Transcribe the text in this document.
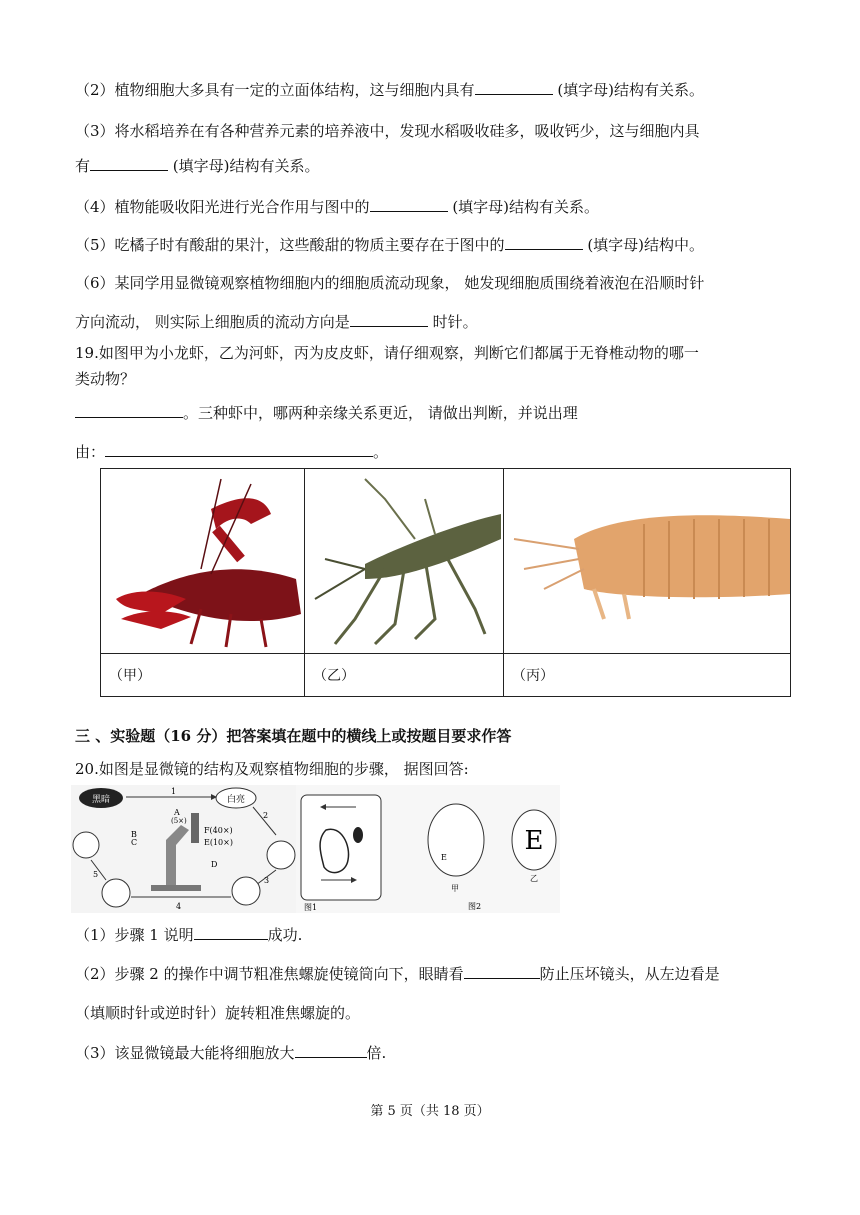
（2）植物细胞大多具有一定的立面体结构，这与细胞内具有	(填字母)结构有关系。
（3）将水稻培养在有各种营养元素的培养液中，发现水稻吸收硅多，吸收钙少，这与细胞内具
有	(填字母)结构有关系。
（4）植物能吸收阳光进行光合作用与图中的	(填字母)结构有关系。
（5）吃橘子时有酸甜的果汁，这些酸甜的物质主要存在于图中的	(填字母)结构中。
（6）某同学用显微镜观察植物细胞内的细胞质流动现象， 她发现细胞质围绕着液泡在沿顺时针
方向流动， 则实际上细胞质的流动方向是	时针。
19.如图甲为小龙虾，乙为河虾，丙为皮皮虾，请仔细观察，判断它们都属于无脊椎动物的哪一
类动物？
。三种虾中，哪两种亲缘关系更近， 请做出判断，并说出理
由：	。

（甲）	（乙）	（丙）
三 、实验题（16 分）把答案填在题中的横线上或按题目要求作答
20.如图是显微镜的结构及观察植物细胞的步骤， 据图回答:
黑暗
1
白亮
2
3
4
5
A
(5×)
F(40×)
E(10×)
B
C
D
图1
E
甲
E
乙
图2
（1）步骤 1 说明	成功.
（2）步骤 2 的操作中调节粗准焦螺旋使镜筒向下，眼睛看	防止压坏镜头，从左边看是
（填顺时针或逆时针）旋转粗准焦螺旋的。
（3）该显微镜最大能将细胞放大	倍.
第 5 页（共 18 页）
